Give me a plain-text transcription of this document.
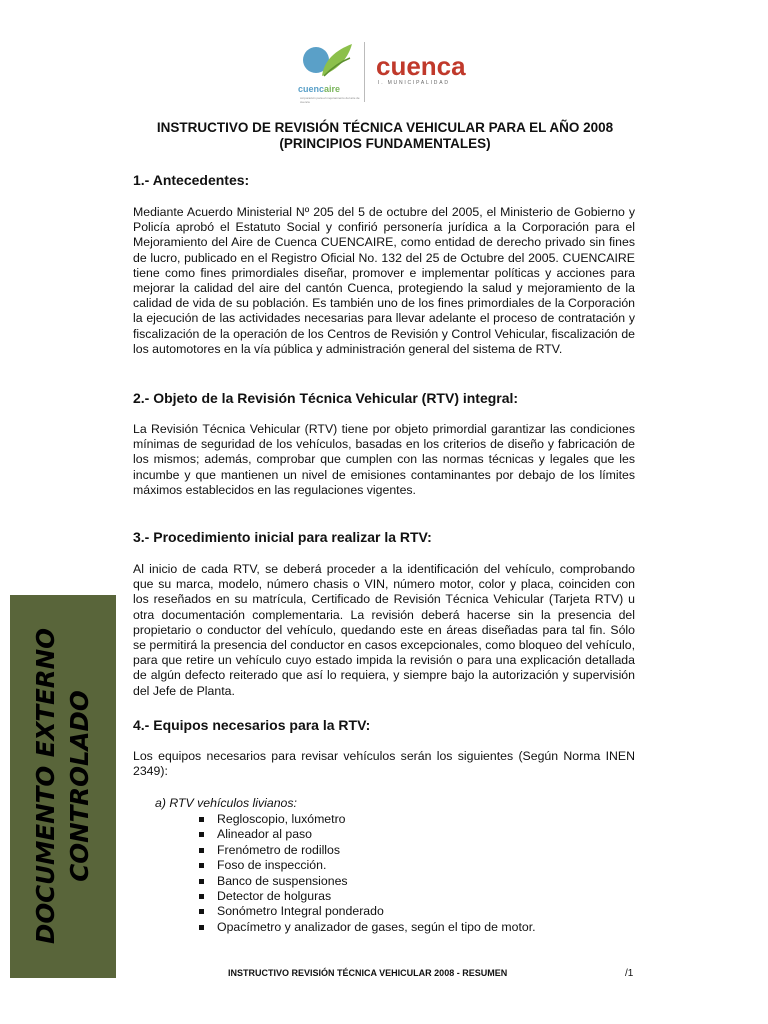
cuencaire
corporación para el mejoramiento del aire de cuenca
cuenca
I. MUNICIPALIDAD
INSTRUCTIVO DE REVISIÓN TÉCNICA VEHICULAR PARA EL AÑO 2008
(PRINCIPIOS FUNDAMENTALES)
1.- Antecedentes:

Mediante Acuerdo Ministerial Nº 205 del 5 de octubre del 2005, el Ministerio de Gobierno y Policía aprobó el Estatuto Social y confirió personería jurídica a la Corporación para el Mejoramiento del Aire de Cuenca CUENCAIRE, como entidad de derecho privado sin fines de lucro, publicado en el Registro Oficial No. 132 del 25 de Octubre del 2005. CUENCAIRE tiene como fines primordiales diseñar, promover e implementar políticas y acciones para mejorar la calidad del aire del cantón Cuenca, protegiendo la salud y mejoramiento de la calidad de vida de su población. Es también uno de los fines primordiales de la Corporación la ejecución de las actividades necesarias para llevar adelante el proceso de contratación y fiscalización de la operación de los Centros de Revisión y Control Vehicular, fiscalización de los automotores en la vía pública y administración general del sistema de RTV.

2.- Objeto de la Revisión Técnica Vehicular (RTV) integral:

La Revisión Técnica Vehicular (RTV) tiene por objeto primordial garantizar las condiciones mínimas de seguridad de los vehículos, basadas en los criterios de diseño y fabricación de los mismos; además, comprobar que cumplen con las normas técnicas y legales que les incumbe y que mantienen un nivel de emisiones contaminantes por debajo de los límites máximos establecidos en las regulaciones vigentes.

3.- Procedimiento inicial para realizar la RTV:

Al inicio de cada RTV, se deberá proceder a la identificación del vehículo, comprobando que su marca, modelo, número chasis o VIN, número motor, color y placa, coinciden con los reseñados en su matrícula, Certificado de Revisión Técnica Vehicular (Tarjeta RTV) u otra documentación complementaria. La revisión deberá hacerse sin la presencia del propietario o conductor del vehículo, quedando este en áreas diseñadas para tal fin. Sólo se permitirá la presencia del conductor en casos excepcionales, como bloqueo del vehículo, para que retire un vehículo cuyo estado impida la revisión o para una explicación detallada de algún defecto reiterado que así lo requiera, y siempre bajo la autorización y supervisión del Jefe de Planta.

4.- Equipos necesarios para la RTV:

Los equipos necesarios para revisar vehículos serán los siguientes (Según Norma INEN 2349):

a) RTV vehículos livianos:
Regloscopio, luxómetro
Alineador al paso
Frenómetro de rodillos
Foso de inspección.
Banco de suspensiones
Detector de holguras
Sonómetro Integral ponderado
Opacímetro y analizador de gases, según el tipo de motor.
DOCUMENTO EXTERNO CONTROLADO
INSTRUCTIVO REVISIÓN TÉCNICA VEHICULAR 2008 - RESUMEN	/1
